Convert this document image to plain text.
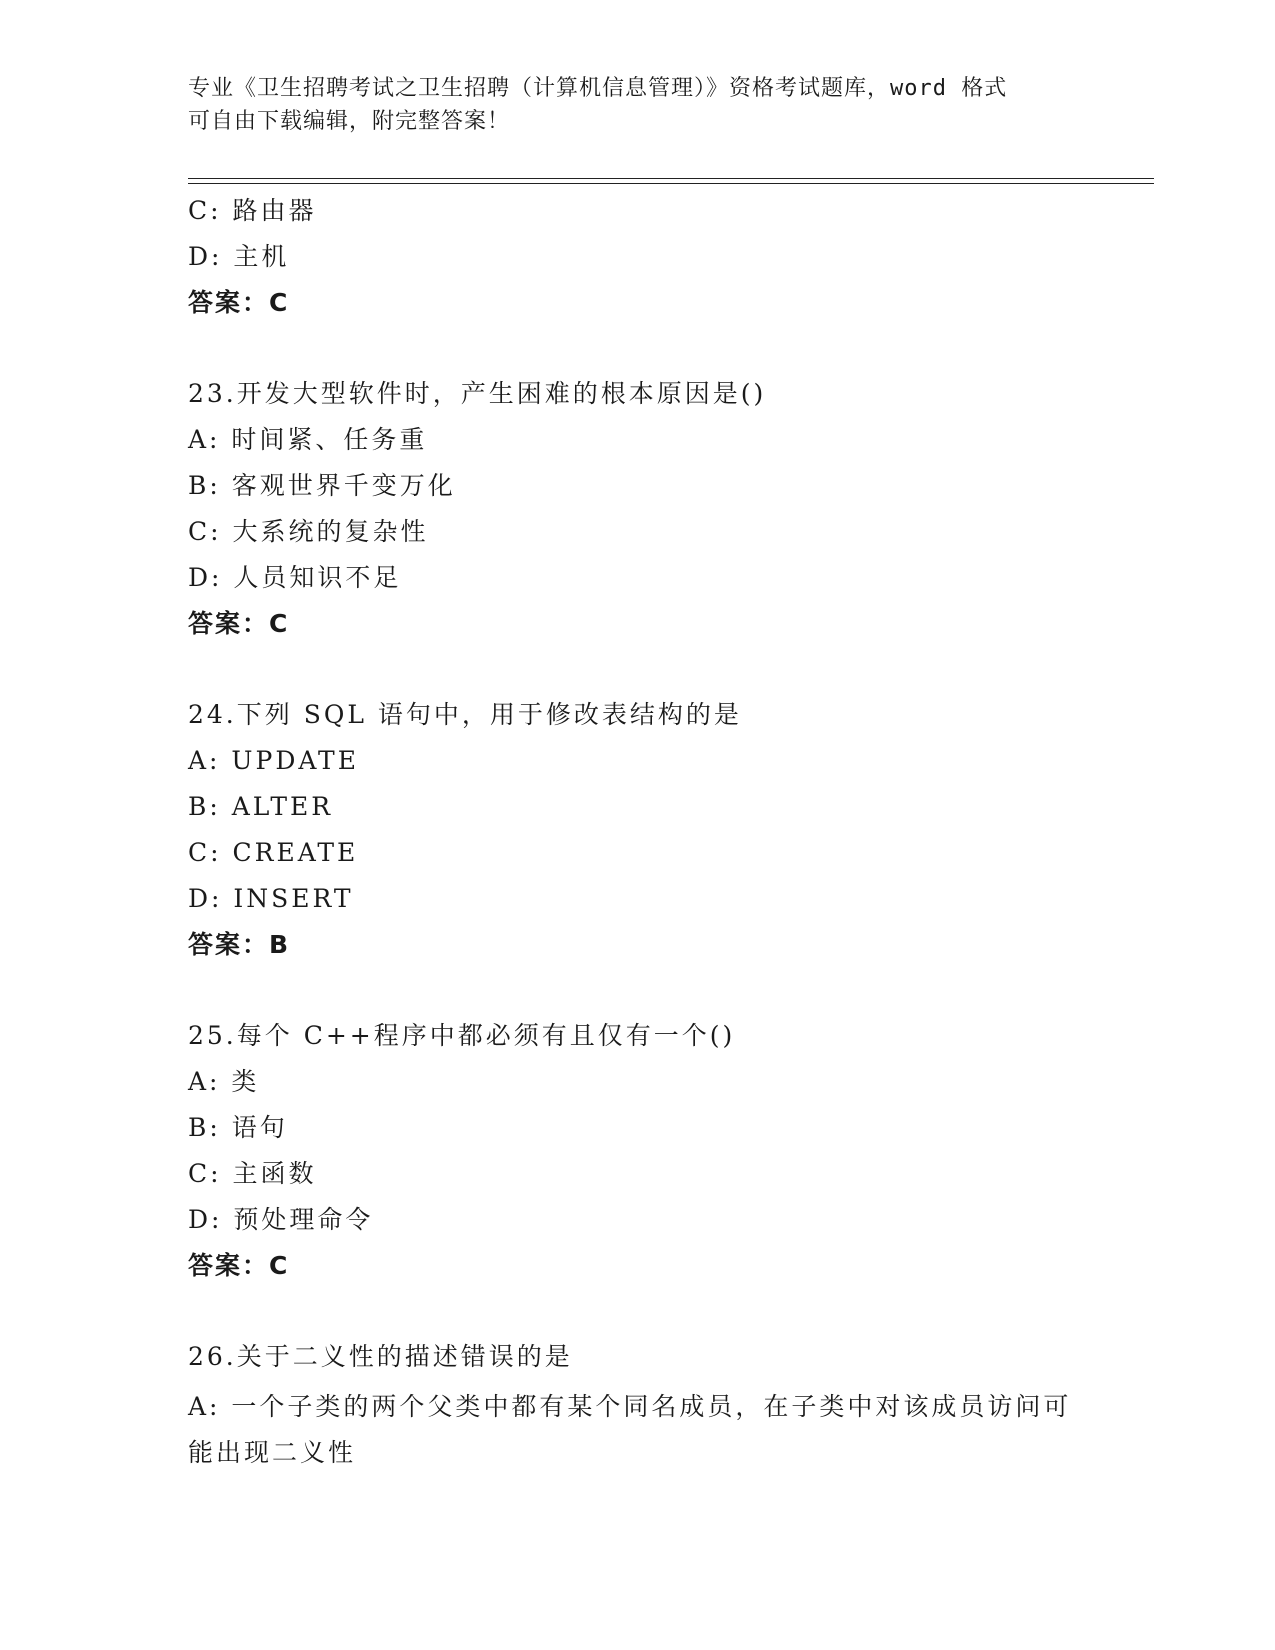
专业《卫生招聘考试之卫生招聘（计算机信息管理）》资格考试题库，word 格式
可自由下载编辑，附完整答案！
C: 路由器
D: 主机
答案：C
23.开发大型软件时，产生困难的根本原因是()
A: 时间紧、任务重
B: 客观世界千变万化
C: 大系统的复杂性
D: 人员知识不足
答案：C
24.下列 SQL 语句中，用于修改表结构的是
A: UPDATE
B: ALTER
C: CREATE
D: INSERT
答案：B
25.每个 C++程序中都必须有且仅有一个()
A: 类
B: 语句
C: 主函数
D: 预处理命令
答案：C
26.关于二义性的描述错误的是
A: 一个子类的两个父类中都有某个同名成员，在子类中对该成员访问可能出现二义性
